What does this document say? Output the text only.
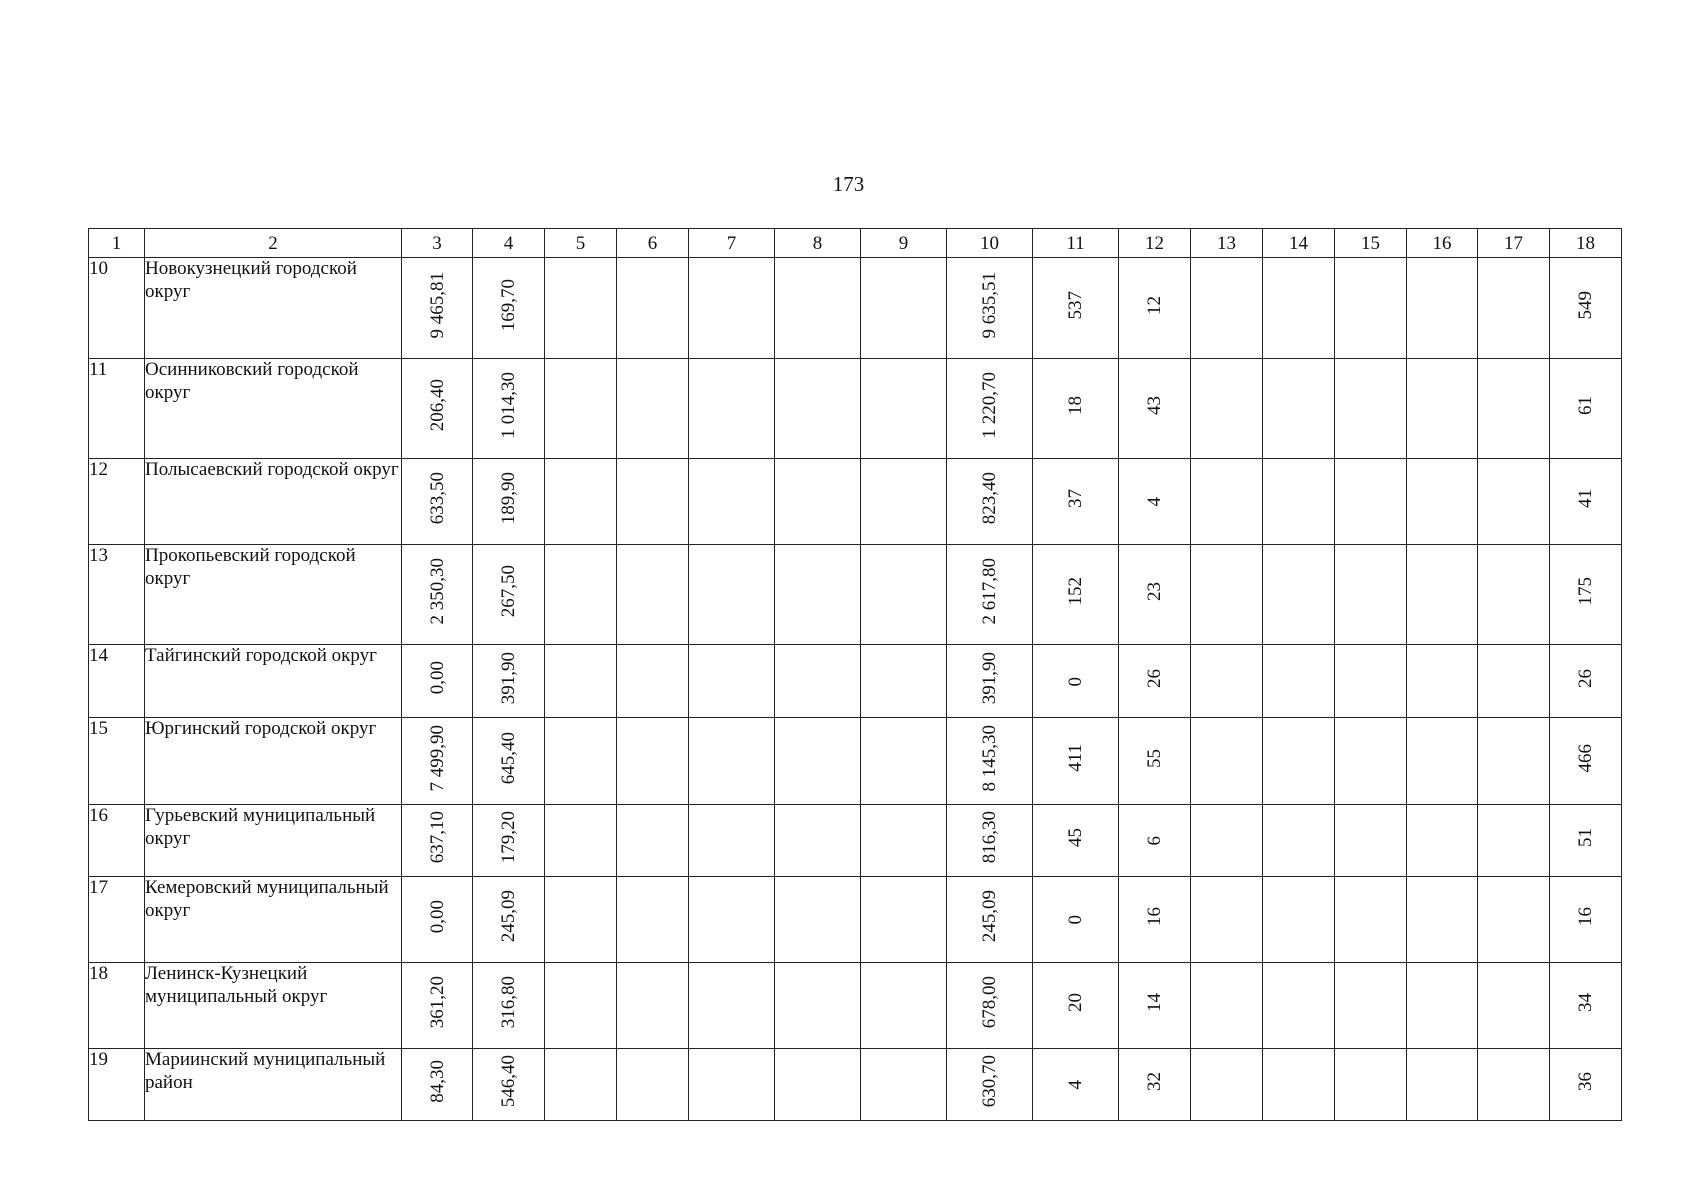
173
1	2	3	4	5	6	7	8	9	10	11	12	13	14	15	16	17	18
10	Новокузнецкий городской округ	9 465,81	169,70						9 635,51	537	12						549
11	Осинниковский городской округ	206,40	1 014,30						1 220,70	18	43						61
12	Полысаевский городской округ	633,50	189,90						823,40	37	4						41
13	Прокопьевский городской округ	2 350,30	267,50						2 617,80	152	23						175
14	Тайгинский городской округ	0,00	391,90						391,90	0	26						26
15	Юргинский городской округ	7 499,90	645,40						8 145,30	411	55						466
16	Гурьевский муниципальный округ	637,10	179,20						816,30	45	6						51
17	Кемеровский муниципальный округ	0,00	245,09						245,09	0	16						16
18	Ленинск-Кузнецкий муниципальный округ	361,20	316,80						678,00	20	14						34
19	Мариинский муниципальный район	84,30	546,40						630,70	4	32						36
